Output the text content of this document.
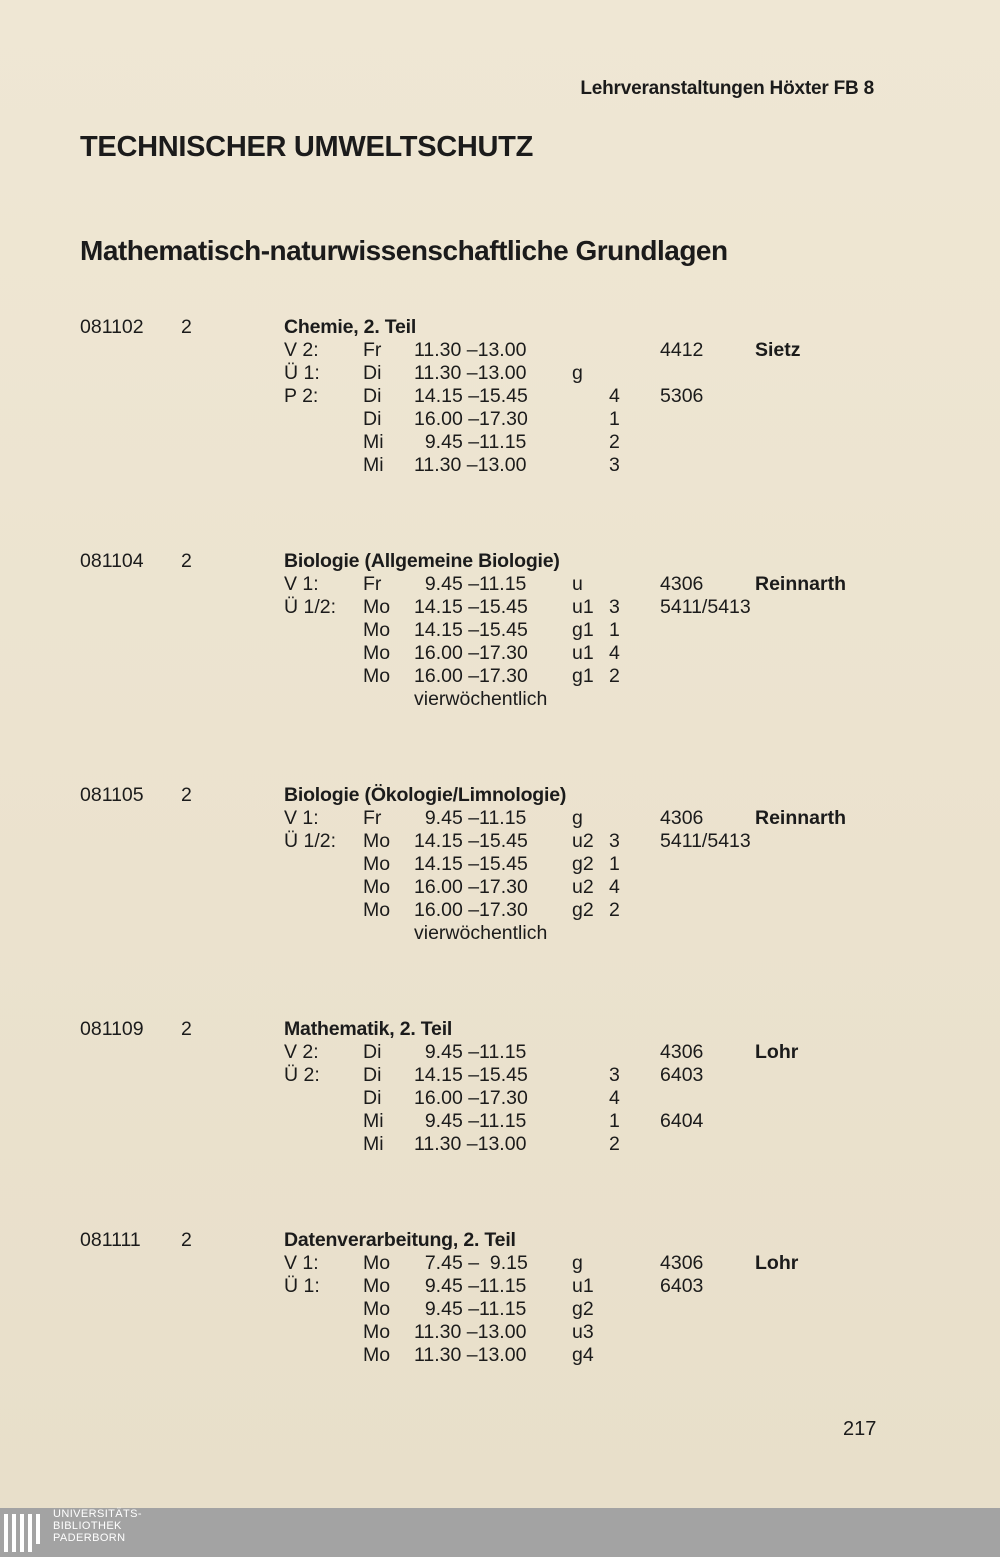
Lehrveranstaltungen Höxter FB 8
TECHNISCHER UMWELTSCHUTZ
Mathematisch-naturwissenschaftliche Grundlagen
081102 2	Chemie, 2. Teil
V 2: Fr 11.30 –13.00	4412	Sietz
Ü 1: Di 11.30 –13.00 g
P 2: Di 14.15 –15.45	4 5306
Di 16.00 –17.30	1
Mi 9.45 –11.15	2
Mi 11.30 –13.00	3
081104 2	Biologie (Allgemeine Biologie)
V 1: Fr 9.45 –11.15 u	4306	Reinnarth
Ü 1/2: Mo 14.15 –15.45 u1 3 5411/5413
Mo 14.15 –15.45 g1 1
Mo 16.00 –17.30 u1 4
Mo 16.00 –17.30 g1 2
vierwöchentlich
081105 2	Biologie (Ökologie/Limnologie)
V 1: Fr 9.45 –11.15 g	4306	Reinnarth
Ü 1/2: Mo 14.15 –15.45 u2 3 5411/5413
Mo 14.15 –15.45 g2 1
Mo 16.00 –17.30 u2 4
Mo 16.00 –17.30 g2 2
vierwöchentlich
081109 2	Mathematik, 2. Teil
V 2: Di 9.45 –11.15	4306	Lohr
Ü 2: Di 14.15 –15.45	3 6403
Di 16.00 –17.30	4
Mi 9.45 –11.15	1 6404
Mi 11.30 –13.00	2
081111 2	Datenverarbeitung, 2. Teil
V 1: Mo 7.45 –  9.15 g	4306	Lohr
Ü 1: Mo 9.45 –11.15 u1	6403
Mo 9.45 –11.15 g2
Mo 11.30 –13.00 u3
Mo 11.30 –13.00 g4
217
UNIVERSITÄTS-
BIBLIOTHEK
PADERBORN
